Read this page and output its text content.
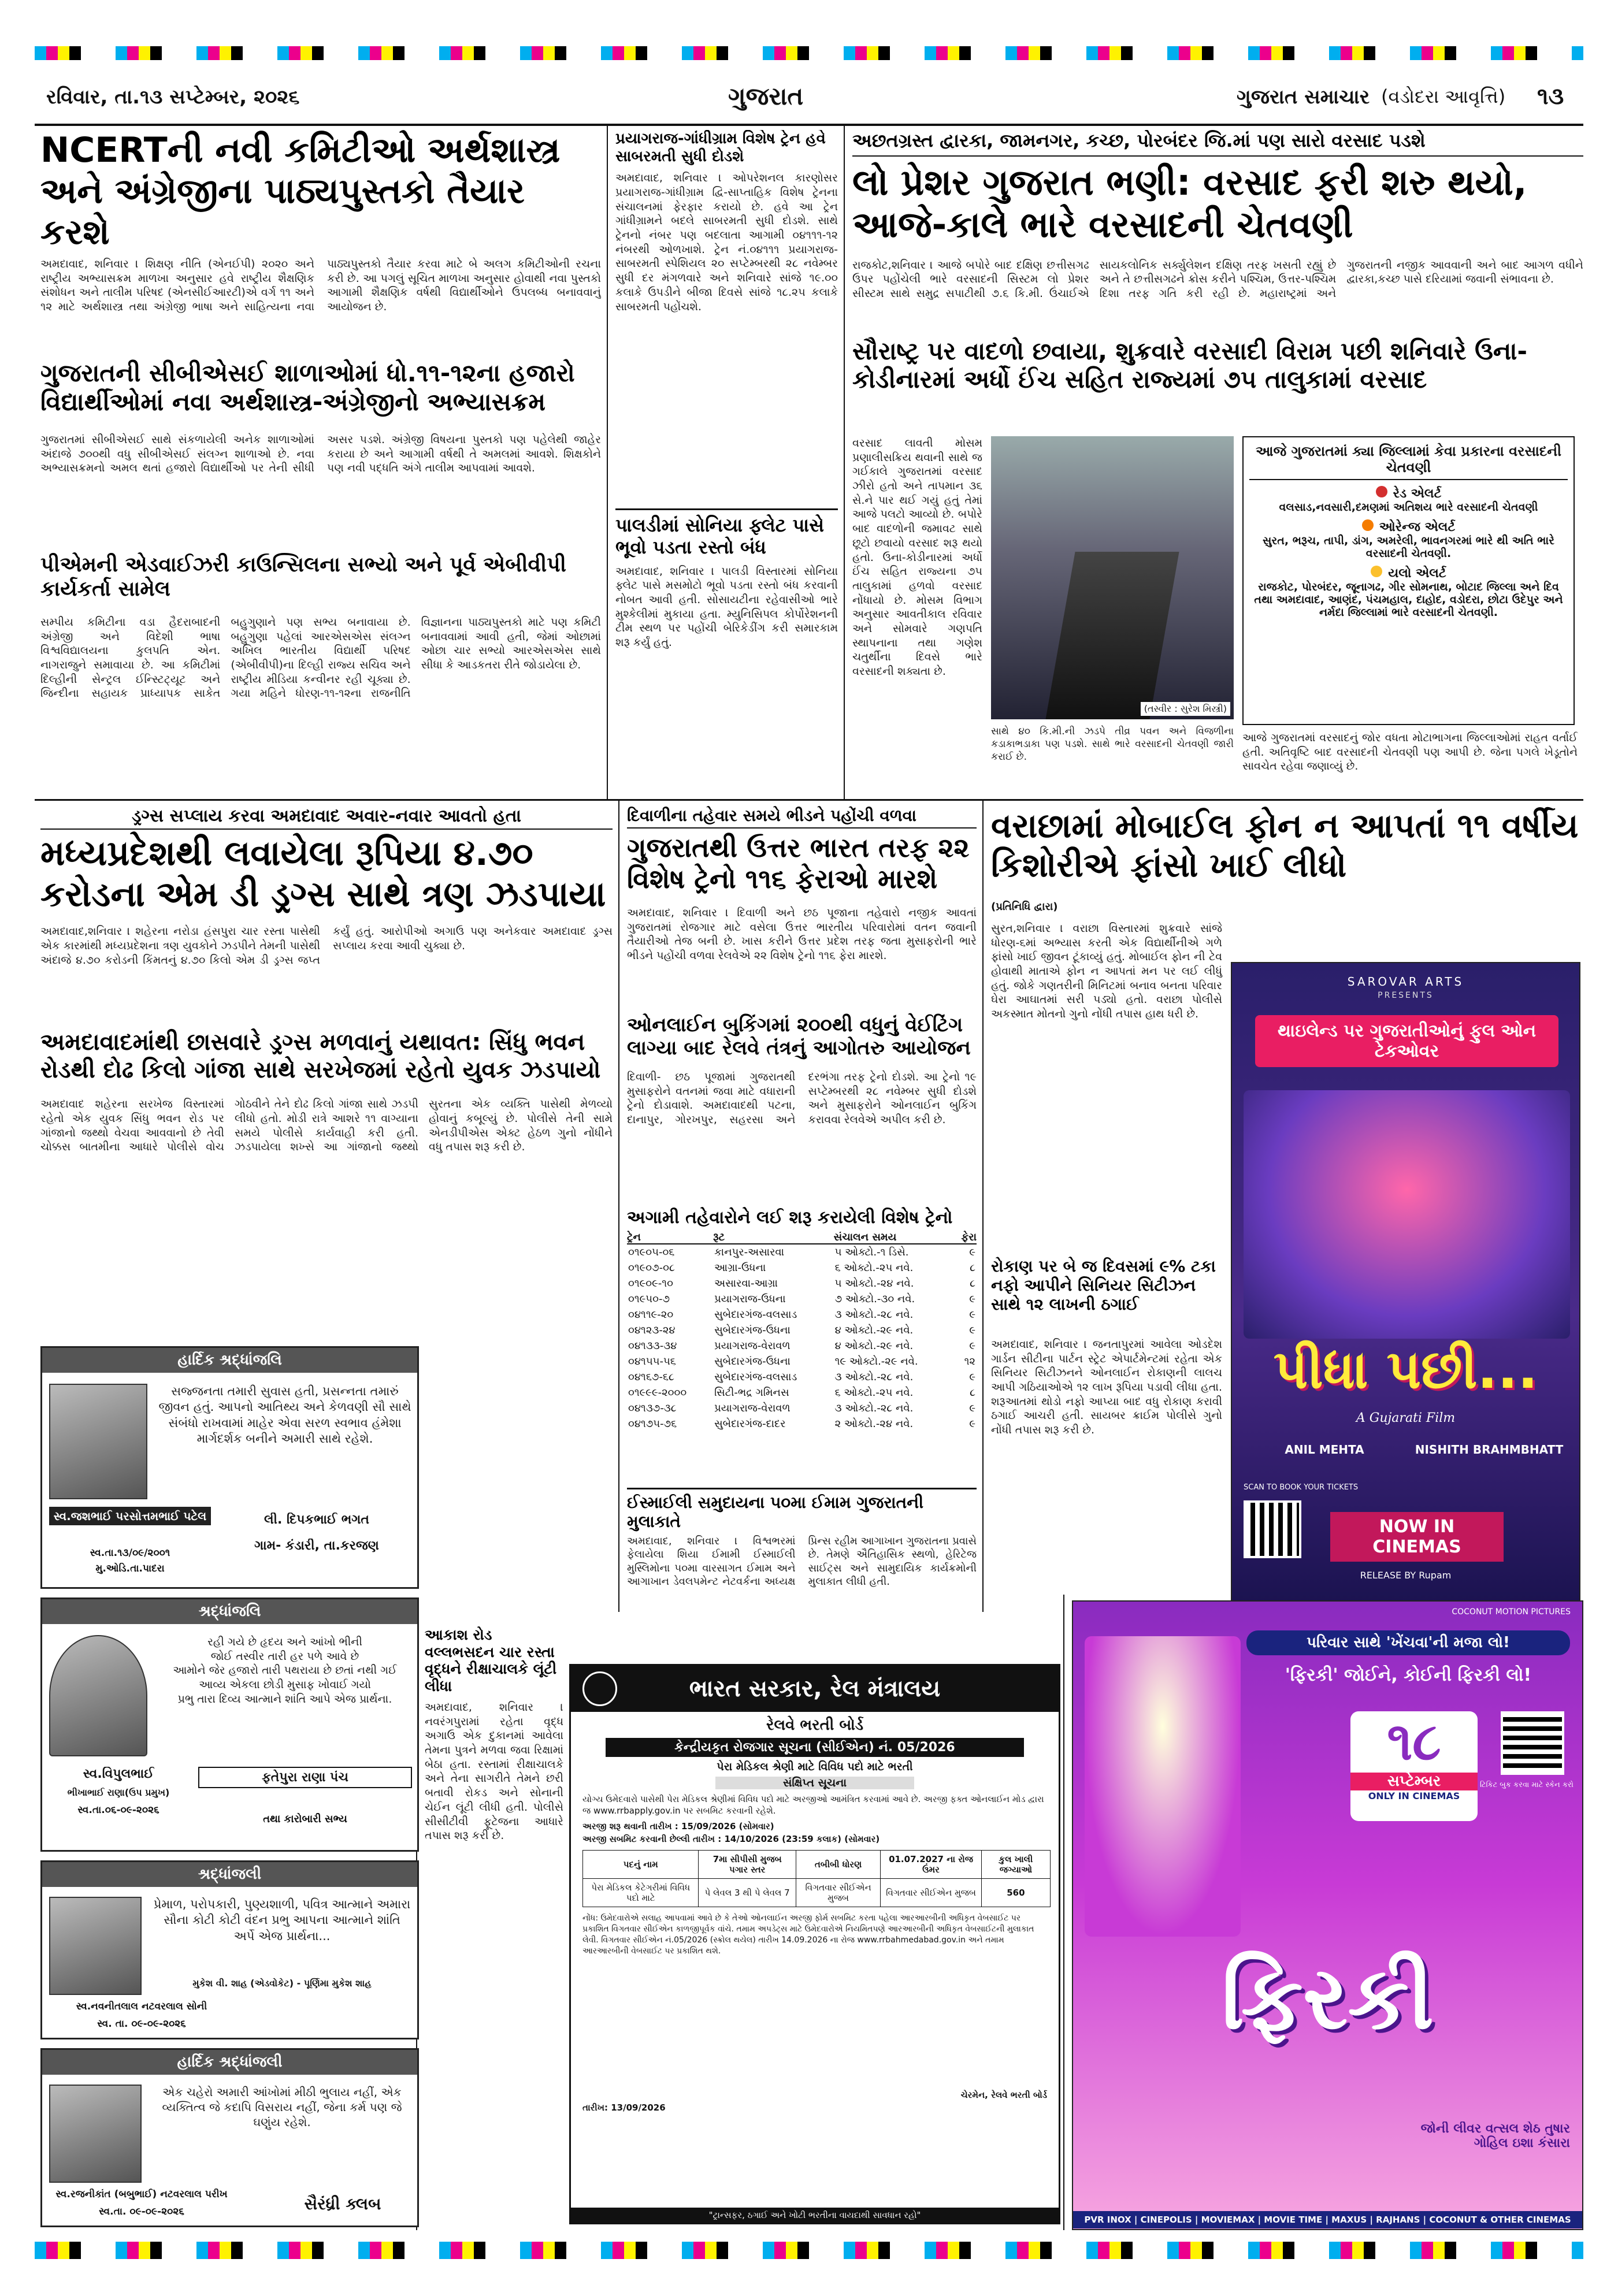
રવિવાર, તા.૧૩ સપ્ટેમ્બર, ૨૦૨૬	ગુજરાત	ગુજરાત સમાચાર (વડોદરા આવૃત્તિ) ૧૩
NCERTની નવી કમિટીઓ અર્થશાસ્ત્ર અને અંગ્રેજીના પાઠ્યપુસ્તકો તૈયાર કરશે
અમદાવાદ, શનિવાર । શિક્ષણ નીતિ (એનઈપી) ૨૦૨૦ અને રાષ્ટ્રીય અભ્યાસક્રમ માળખા અનુસાર હવે રાષ્ટ્રીય શૈક્ષણિક સંશોધન અને તાલીમ પરિષદ (એનસીઈઆરટી)એ વર્ગ ૧૧ અને ૧૨ માટે અર્થશાસ્ત્ર તથા અંગ્રેજી ભાષા અને સાહિત્યના નવા પાઠ્યપુસ્તકો તૈયાર કરવા માટે બે અલગ કમિટીઓની રચના કરી છે. આ પગલું સૂચિત માળખા અનુસાર હોવાથી નવા પુસ્તકો આગામી શૈક્ષણિક વર્ષથી વિદ્યાર્થીઓને ઉપલબ્ધ બનાવવાનું આયોજન છે.
ગુજરાતની સીબીએસઈ શાળાઓમાં ધો.૧૧-૧૨ના હજારો વિદ્યાર્થીઓમાં નવા અર્થશાસ્ત્ર-અંગ્રેજીનો અભ્યાસક્રમ
ગુજરાતમાં સીબીએસઈ સાથે સંકળાયેલી અનેક શાળાઓમાં અંદાજે ૭૦૦થી વધુ સીબીએસઈ સંલગ્ન શાળાઓ છે. નવા અભ્યાસક્રમનો અમલ થતાં હજારો વિદ્યાર્થીઓ પર તેની સીધી અસર પડશે. અંગ્રેજી વિષયના પુસ્તકો પણ પહેલેથી જાહેર કરાયા છે અને આગામી વર્ષથી તે અમલમાં આવશે. શિક્ષકોને પણ નવી પદ્ધતિ અંગે તાલીમ આપવામાં આવશે.
પીએમની એડવાઈઝરી કાઉન્સિલના સભ્યો અને પૂર્વ એબીવીપી કાર્યકર્તા સામેલ
સમ્પીય કમિટીના વડા હૈદરાબાદની અંગ્રેજી અને વિદેશી ભાષા વિશ્વવિદ્યાલયના કુલપતિ એન. નાગરાજુને સમાવાયા છે. આ કમિટીમાં દિલ્હીની સેન્ટ્રલ ઈન્સ્ટિટ્યૂટ અને જિન્દીના સહાયક પ્રાધ્યાપક સાકેત બહુગુણાને પણ સભ્ય બનાવાયા છે. બહુગુણા પહેલાં આરએસએસ સંલગ્ન અખિલ ભારતીય વિદ્યાર્થી પરિષદ (એબીવીપી)ના દિલ્હી રાજ્ય સચિવ અને રાષ્ટ્રીય મીડિયા કન્વીનર રહી ચૂક્યા છે. ગયા મહિને ધોરણ-૧૧-૧૨ના રાજનીતિ વિજ્ઞાનના પાઠ્યપુસ્તકો માટે પણ કમિટી બનાવવામાં આવી હતી, જેમાં ઓછામાં ઓછા ચાર સભ્યો આરએસએસ સાથે સીધા કે આડકતરા રીતે જોડાયેલા છે.
પ્રયાગરાજ-ગાંધીગ્રામ વિશેષ ટ્રેન હવે સાબરમતી સુધી દોડશે
અમદાવાદ, શનિવાર । ઓપરેશનલ કારણોસર પ્રયાગરાજ-ગાંધીગ્રામ દ્વિ-સાપ્તાહિક વિશેષ ટ્રેનના સંચાલનમાં ફેરફાર કરાયો છે. હવે આ ટ્રેન ગાંધીગ્રામને બદલે સાબરમતી સુધી દોડશે. સાથે ટ્રેનનો નંબર પણ બદલાતા આગામી ૦૪૧૧૧-૧૨ નંબરથી ઓળખાશે. ટ્રેન નં.૦૪૧૧૧ પ્રયાગરાજ-સાબરમતી સ્પેશિયલ ૨૦ સપ્ટેમ્બરથી ૨૮ નવેમ્બર સુધી દર મંગળવારે અને શનિવારે સાંજે ૧૯.૦૦ કલાકે ઉપડીને બીજા દિવસે સાંજે ૧૮.૨૫ કલાકે સાબરમતી પહોંચશે.
પાલડીમાં સોનિયા ફ્લેટ પાસે ભૂવો પડતા રસ્તો બંધ
અમદાવાદ, શનિવાર । પાલડી વિસ્તારમાં સોનિયા ફ્લેટ પાસે મસમોટો ભૂવો પડતા રસ્તો બંધ કરવાની નોબત આવી હતી. સોસાયટીના રહેવાસીઓ ભારે મુશ્કેલીમાં મુકાયા હતા. મ્યુનિસિપલ કોર્પોરેશનની ટીમ સ્થળ પર પહોંચી બેરિકેડીંગ કરી સમારકામ શરૂ કર્યું હતું.
અછતગ્રસ્ત દ્વારકા, જામનગર, કચ્છ, પોરબંદર જિ.માં પણ સારો વરસાદ પડશે
લો પ્રેશર ગુજરાત ભણી: વરસાદ ફરી શરુ થયો, આજે-કાલે ભારે વરસાદની ચેતવણી
રાજકોટ,શનિવાર । આજે બપોરે બાદ દક્ષિણ છત્તીસગઢ ઉપર પહોંચેલી ભારે વરસાદની સિસ્ટમ લો પ્રેશર સીસ્ટમ સાથે સમુદ્ર સપાટીથી ૭.૬ કિ.મી. ઉંચાઈએ સાયકલોનિક સર્ક્યુલેશન દક્ષિણ તરફ ખસતી રહ્યું છે અને તે છત્તીસગઢને ક્રોસ કરીને પશ્ચિમ, ઉત્તર-પશ્ચિમ દિશા તરફ ગતિ કરી રહી છે. મહારાષ્ટ્રમાં અને ગુજરાતની નજીક આવવાની અને બાદ આગળ વધીને દ્વારકા,કચ્છ પાસે દરિયામાં જવાની સંભાવના છે.
સૌરાષ્ટ્ર પર વાદળો છવાયા, શુક્રવારે વરસાદી વિરામ પછી શનિવારે ઉના-કોડીનારમાં અર્ધો ઈંચ સહિત રાજ્યમાં ૭૫ તાલુકામાં વરસાદ
વરસાદ લાવતી મોસમ પ્રણાલીસક્રિય થવાની સાથે જ ગઈકાલે ગુજરાતમાં વરસાદ ઝીરો હતો અને તાપમાન ૩૬ સે.ને પાર થઈ ગયું હતું તેમાં આજે પલટો આવ્યો છે. બપોરે બાદ વાદળોની જમાવટ સાથે છૂટો છવાયો વરસાદ શરૂ થયો હતો. ઉના-કોડીનારમાં અર્ધો ઈંચ સહિત રાજ્યના ૭૫ તાલુકામાં હળવો વરસાદ નોંધાયો છે. મોસમ વિભાગ અનુસાર આવતીકાલ રવિવાર અને સોમવારે ગણપતિ સ્થાપનાના તથા ગણેશ ચતુર્થીના દિવસે ભારે વરસાદની શક્યતા છે.
(તસ્વીર : સુરેશ મિસ્ત્રી)
સાથે ૪૦ કિ.મી.ની ઝડપે તીવ્ર પવન અને વિજળીના કડાકાભડાકા પણ પડશે. સાથે ભારે વરસાદની ચેતવણી જારી કરાઈ છે.
આજે ગુજરાતમાં વરસાદનું જોર વધતા મોટાભાગના જિલ્લાઓમાં રાહત વર્તાઈ હતી. અતિવૃષ્ટિ બાદ વરસાદની ચેતવણી પણ આપી છે. જેના પગલે ખેડૂતોને સાવચેત રહેવા જણાવ્યું છે.
આજે ગુજરાતમાં ક્યા જિલ્લામાં કેવા પ્રકારના વરસાદની ચેતવણી
રેડ એલર્ટ
વલસાડ,નવસારી,દમણમાં અતિશય ભારે વરસાદની ચેતવણી
ઓરેન્જ એલર્ટ
સુરત, ભરૂચ, તાપી, ડાંગ, અમરેલી, ભાવનગરમાં ભારે થી અતિ ભારે વરસાદની ચેતવણી.
યલો એલર્ટ
રાજકોટ, પોરબંદર, જૂનાગઢ, ગીર સોમનાથ, બોટાદ જિલ્લા અને દિવ તથા અમદાવાદ, આણંદ, પંચમહાલ, દાહોદ, વડોદરા, છોટા ઉદેપુર અને નર્મદા જિલ્લામાં ભારે વરસાદની ચેતવણી.
ડ્રગ્સ સપ્લાય કરવા અમદાવાદ અવાર-નવાર આવતો હતા
મધ્યપ્રદેશથી લવાયેલા રૂપિયા ૪.૭૦ કરોડના એમ ડી ડ્રગ્સ સાથે ત્રણ ઝડપાયા
અમદાવાદ,શનિવાર । શહેરના નરોડા હંસપુરા ચાર રસ્તા પાસેથી એક કારમાંથી મધ્યપ્રદેશના ત્રણ યુવકોને ઝડપીને તેમની પાસેથી અંદાજે ૪.૭૦ કરોડની કિંમતનું ૪.૭૦ કિલો એમ ડી ડ્રગ્સ જપ્ત કર્યું હતું. આરોપીઓ અગાઉ પણ અનેકવાર અમદાવાદ ડ્રગ્સ સપ્લાય કરવા આવી ચુક્યા છે.
અમદાવાદમાંથી છાસવારે ડ્રગ્સ મળવાનું યથાવત: સિંધુ ભવન રોડથી દોઢ કિલો ગાંજા સાથે સરખેજમાં રહેતો યુવક ઝડપાયો
અમદાવાદ શહેરના સરખેજ વિસ્તારમાં રહેતો એક યુવક સિંધુ ભવન રોડ પર ગાંજાનો જથ્થો વેચવા આવવાનો છે તેવી ચોક્કસ બાતમીના આધારે પોલીસે વોચ ગોઠવીને તેને દોઢ કિલો ગાંજા સાથે ઝડપી લીધો હતો. મોડી રાત્રે આશરે ૧૧ વાગ્યાના સમયે પોલીસે કાર્યવાહી કરી હતી. ઝડપાયેલા શખ્સે આ ગાંજાનો જથ્થો સુરતના એક વ્યક્તિ પાસેથી મેળવ્યો હોવાનું કબૂલ્યું છે. પોલીસે તેની સામે એનડીપીએસ એક્ટ હેઠળ ગુનો નોંધીને વધુ તપાસ શરૂ કરી છે.
હાર્દિક શ્રદ્ધાંજલિ
સજ્જનતા તમારી સુવાસ હતી, પ્રસન્નતા તમારું જીવન હતું. આપનો આતિથ્ય અને કેળવણી સૌ સાથે સંબંધો રાખવામાં માહેર એવા સરળ સ્વભાવ હંમેશા માર્ગદર્શક બનીને અમારી સાથે રહેશે.
સ્વ.જશભાઈ પરસોત્તમભાઈ પટેલ
સ્વ.તા.૧૩/૦૯/૨૦૦૧
મુ.ઓડિ.તા.પાદરા
લી. દિપકભાઈ ભગત
ગામ- કંડારી, તા.કરજણ
શ્રદ્ધાંજલિ
રહી ગયે છે હૃદય અને આંખો ભીની
જોઈ તસ્વીર તારી હર પળે આવે છે
આમોને જેર હજારો તારી પથરાયા છે છતાં નથી ગઈ
આવ્ય એકલા છોડી મુસાફ ખોવાઈ ગયો
પ્રભુ તારા દિવ્ય આત્માને શાંતિ આપે એજ પ્રાર્થના.
સ્વ.વિપુલભાઈ
ભીખાભાઈ રાણા(ઉપ પ્રમુખ)
સ્વ.તા.૦૬-૦૯-૨૦૨૬
ફતેપુરા રાણા પંચ
તથા કારોબારી સભ્ય
શ્રદ્ધાંજલી
પ્રેમાળ, પરોપકારી, પુણ્યશાળી, પવિત્ર આત્માને અમારા સૌના કોટી કોટી વંદન પ્રભુ આપના આત્માને શાંતિ અર્પે એજ પ્રાર્થના...
મુકેશ વી. શાહ (એડવોકેટ) - પૂર્ણિમા મુકેશ શાહ
સ્વ.નવનીતલાલ નટવરલાલ સોની
સ્વ. તા. ૦૯-૦૯-૨૦૨૬
હાર્દિક શ્રદ્ધાંજલી
એક ચહેરો અમારી આંખોમાં મીઠી ભુલાય નહીં, એક વ્યક્તિત્વ જે કદાપિ વિસરાય નહીં, જેના કર્મ પણ જે ઘણુંય રહેશે.
સ્વ.રજનીકાંત (બબુભાઈ) નટવરલાલ પરીખ
સ્વ.તા. ૦૯-૦૯-૨૦૨૬	સૈરંધ્રી ક્લબ
આકાશ રોડ વલ્લભસદન ચાર રસ્તા વૃદ્ધને રીક્ષાચાલકે લૂંટી લીધા
અમદાવાદ, શનિવાર । નવરંગપુરામાં રહેતા વૃદ્ધ અગાઉ એક દુકાનમાં આવેલા તેમના પુત્રને મળવા જવા રિક્ષામાં બેઠા હતા. રસ્તામાં રીક્ષાચાલકે અને તેના સાગરીતે તેમને છરી બતાવી રોકડ અને સોનાની ચેઈન લૂંટી લીધી હતી. પોલીસે સીસીટીવી ફૂટેજના આધારે તપાસ શરૂ કરી છે.
દિવાળીના તહેવાર સમયે ભીડને પહોંચી વળવા
ગુજરાતથી ઉત્તર ભારત તરફ ૨૨ વિશેષ ટ્રેનો ૧૧૬ ફેરાઓ મારશે
અમદાવાદ, શનિવાર । દિવાળી અને છઠ પૂજાના તહેવારો નજીક આવતાં ગુજરાતમાં રોજગાર માટે વસેલા ઉત્તર ભારતીય પરિવારોમાં વતન જવાની તૈયારીઓ તેજ બની છે. ખાસ કરીને ઉત્તર પ્રદેશ તરફ જતા મુસાફરોની ભારે ભીડને પહોંચી વળવા રેલવેએ ૨૨ વિશેષ ટ્રેનો ૧૧૬ ફેરા મારશે.
ઓનલાઈન બુકિંગમાં ૨૦૦થી વધુનું વેઈટિંગ લાગ્યા બાદ રેલવે તંત્રનું આગોતરુ આયોજન
દિવાળી- છઠ પૂજામાં ગુજરાતથી મુસાફરોને વતનમાં જવા માટે વધારાની ટ્રેનો દોડાવાશે. અમદાવાદથી પટના, દાનાપુર, ગોરખપુર, સહરસા અને દરભંગા તરફ ટ્રેનો દોડશે. આ ટ્રેનો ૧૯ સપ્ટેમ્બરથી ૨૮ નવેમ્બર સુધી દોડશે અને મુસાફરોને ઓનલાઈન બુકિંગ કરાવવા રેલવેએ અપીલ કરી છે.
અગામી તહેવારોને લઈ શરૂ કરાયેલી વિશેષ ટ્રેનો
ટ્રેન	રૂટ	સંચાલન સમય	ફેરા
૦૧૯૦૫-૦૬	કાનપુર-અસારવા	૫ ઓક્ટો.-૧ ડિસે.	૯
૦૧૯૦૭-૦૮	આગ્રા-ઉધના	૬ ઓક્ટો.-૨૫ નવે.	૮
૦૧૯૦૯-૧૦	અસારવા-આગ્રા	૫ ઓક્ટો.-૨૪ નવે.	૮
૦૧૯૫૦-૭	પ્રયાગરાજ-ઉધના	૭ ઓક્ટો.-૩૦ નવે.	૯
૦૪૧૧૯-૨૦	સુબેદારગંજ-વલસાડ	૩ ઓક્ટો.-૨૮ નવે.	૯
૦૪૧૨૩-૨૪	સુબેદારગંજ-ઉધના	૪ ઓક્ટો.-૨૯ નવે.	૯
૦૪૧૩૩-૩૪	પ્રયાગરાજ-વેરાવળ	૪ ઓક્ટો.-૨૯ નવે.	૯
૦૪૧૫૫-૫૬	સુબેદારગંજ-ઉધના	૧૯ ઓક્ટો.-૨૯ નવે.	૧૨
૦૪૧૬૭-૬૮	સુબેદારગંજ-વલસાડ	૩ ઓક્ટો.-૨૮ નવે.	૯
૦૧૯૯૯-૨૦૦૦	સિટી-ભદ્ર ગમિનસ	૬ ઓક્ટો.-૨૫ નવે.	૮
૦૪૧૩૭-૩૮	પ્રયાગરાજ-વેરાવળ	૩ ઓક્ટો.-૨૮ નવે.	૯
૦૪૧૭૫-૭૬	સુબેદારગંજ-દાદર	૨ ઓક્ટો.-૨૪ નવે.	૯
ઈસ્માઈલી સમુદાયના ૫૦મા ઈમામ ગુજરાતની મુલાકાતે
અમદાવાદ, શનિવાર । વિશ્વભરમાં ફેલાયેલા શિયા ઈમામી ઈસ્માઈલી મુસ્લિમોના ૫૦મા વારસાગત ઈમામ અને આગાખાન ડેવલપમેન્ટ નેટવર્કના અધ્યક્ષ પ્રિન્સ રહીમ આગાખાન ગુજરાતના પ્રવાસે છે. તેમણે ઐતિહાસિક સ્થળો, હેરિટેજ સાઈટ્સ અને સામુદાયિક કાર્યક્રમોની મુલાકાત લીધી હતી.
વરાછામાં મોબાઈલ ફોન ન આપતાં ૧૧ વર્ષીય કિશોરીએ ફાંસો ખાઈ લીધો
(પ્રતિનિધિ દ્વારા)
સુરત,શનિવાર । વરાછા વિસ્તારમાં શુક્રવારે સાંજે ધોરણ-૬માં અભ્યાસ કરતી એક વિદ્યાર્થીનીએ ગળે ફાંસો ખાઈ જીવન ટૂંકાવ્યું હતું. મોબાઈલ ફોન ની ટેવ હોવાથી માતાએ ફોન ન આપતાં મન પર લઈ લીધું હતું. જોકે ગણતરીની મિનિટમાં બનાવ બનતા પરિવાર ઘેરા આઘાતમાં સરી પડ્યો હતો. વરાછા પોલીસે અકસ્માત મોતનો ગુનો નોંધી તપાસ હાથ ધરી છે.
રોકાણ પર બે જ દિવસમાં ૯% ટકા નફો આપીને સિનિયર સિટીઝન સાથે ૧૨ લાખની ઠગાઈ
અમદાવાદ, શનિવાર । જનતાપુરમાં આવેલા ઓડદેશ ગાર્ડન સીટીના પાર્ટન સ્ટ્રેટ એપાર્ટમેન્ટમાં રહેતા એક સિનિયર સિટીઝનને ઓનલાઈન રોકાણની લાલચ આપી ગઠિયાઓએ ૧૨ લાખ રૂપિયા પડાવી લીધા હતા. શરૂઆતમાં થોડો નફો આપ્યા બાદ વધુ રોકાણ કરાવી ઠગાઈ આચરી હતી. સાયબર ક્રાઈમ પોલીસે ગુનો નોંધી તપાસ શરૂ કરી છે.
SAROVAR ARTS
PRESENTS
થાઇલેન્ડ પર ગુજરાતીઓનું ફુલ ઓન ટેકઓવર
પીધા પછી...
A Gujarati Film
ANIL MEHTA	NISHITH BRAHMBHATT
SCAN TO BOOK YOUR TICKETS
NOW IN CINEMAS
RELEASE BY Rupam
COCONUT MOTION PICTURES
પરિવાર સાથે 'ખેંચવા'ની મજા લો!
'ફિરકી' જોઈને, કોઈની ફિરકી લો!
૧૮
સપ્ટેમ્બર
ONLY IN CINEMAS
ટિકિટ બુક કરવા માટે સ્કેન કરો
ફિરકી
જોની લીવર વત્સલ શેઠ તુષાર ગોહિલ ઇશા કંસારા
PVR INOX | CINEPOLIS | MOVIEMAX | MOVIE TIME | MAXUS | RAJHANS | COCONUT & OTHER CINEMAS
ભારત સરકાર, રેલ મંત્રાલય
રેલવે ભરતી બોર્ડ
કેન્દ્રીયકૃત રોજગાર સૂચના (સીઈએન) નં. 05/2026
પેરા મેડિકલ શ્રેણી માટે વિવિધ પદો માટે ભરતી
સંક્ષિપ્ત સૂચના
યોગ્ય ઉમેદવારો પાસેથી પેરા મેડિકલ શ્રેણીમાં વિવિધ પદો માટે અરજીઓ આમંત્રિત કરવામાં આવે છે. અરજી ફક્ત ઓનલાઈન મોડ દ્વારા જ www.rrbapply.gov.in પર સબમિટ કરવાની રહેશે.
અરજી શરૂ થવાની તારીખ : 15/09/2026 (સોમવાર)
અરજી સબમિટ કરવાની છેલ્લી તારીખ : 14/10/2026 (23:59 કલાક) (સોમવાર)
પદનું નામ	7મા સીપીસી મુજબ પગાર સ્તર	તબીબી ધોરણ	01.07.2027 ના રોજ ઉંમર	કુલ ખાલી જગ્યાઓ
પેરા મેડિકલ કેટેગરીમાં વિવિધ પદો માટે	પે લેવલ 3 થી પે લેવલ 7	વિગતવાર સીઈએન મુજબ	વિગતવાર સીઈએન મુજબ	560
નોંધ: ઉમેદવારોએ સલાહ આપવામાં આવે છે કે તેઓ ઓનલાઈન અરજી ફોર્મ સબમિટ કરતા પહેલા આરઆરબીની અધિકૃત વેબસાઈટ પર પ્રકાશિત વિગતવાર સીઈએન કાળજીપૂર્વક વાંચે. તમામ અપડેટ્સ માટે ઉમેદવારોએ નિયમિતપણે આરઆરબીની અધિકૃત વેબસાઈટની મુલાકાત લેવી. વિગતવાર સીઈએન નં.05/2026 (સ્ક્રોલ થયેલ) તારીખ 14.09.2026 ના રોજ www.rrbahmedabad.gov.in અને તમામ આરઆરબીની વેબસાઈટ પર પ્રકાશિત થશે.
ચેરમેન, રેલવે ભરતી બોર્ડ
તારીખ: 13/09/2026
"ટ્રાન્સફર, ઠગાઈ અને ખોટી ભરતીના વાયદાથી સાવધાન રહો"
